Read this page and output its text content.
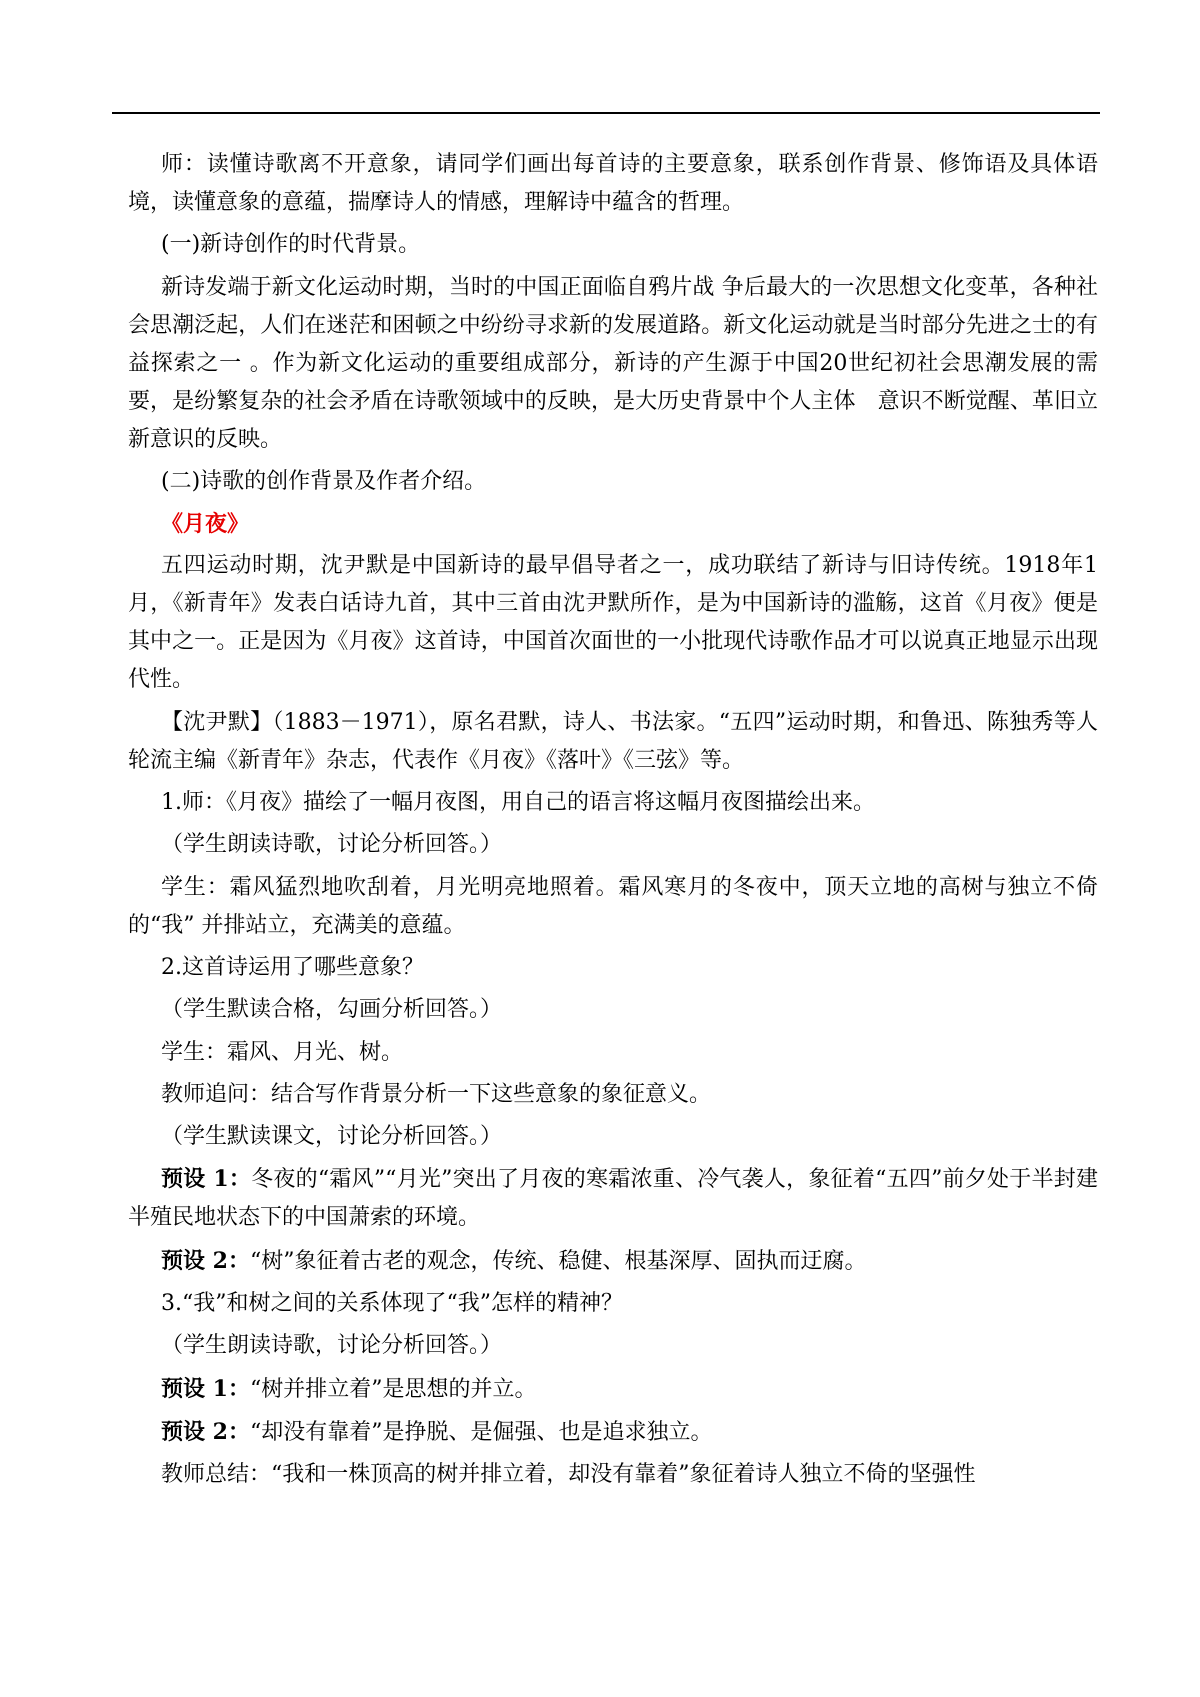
师：读懂诗歌离不开意象，请同学们画出每首诗的主要意象，联系创作背景、修饰语及具体语境，读懂意象的意蕴，揣摩诗人的情感，理解诗中蕴含的哲理。

(一)新诗创作的时代背景。

新诗发端于新文化运动时期，当时的中国正面临自鸦片战 争后最大的一次思想文化变革，各种社会思潮泛起，人们在迷茫和困顿之中纷纷寻求新的发展道路。新文化运动就是当时部分先进之士的有益探索之一 。作为新文化运动的重要组成部分，新诗的产生源于中国20世纪初社会思潮发展的需要，是纷繁复杂的社会矛盾在诗歌领域中的反映，是大历史背景中个人主体　意识不断觉醒、革旧立新意识的反映。

(二)诗歌的创作背景及作者介绍。

《月夜》

五四运动时期，沈尹默是中国新诗的最早倡导者之一，成功联结了新诗与旧诗传统。1918年1月，《新青年》发表白话诗九首，其中三首由沈尹默所作，是为中国新诗的滥觞，这首《月夜》便是其中之一。正是因为《月夜》这首诗，中国首次面世的一小批现代诗歌作品才可以说真正地显示出现代性。

【沈尹默】（1883－1971），原名君默，诗人、书法家。“五四”运动时期，和鲁迅、陈独秀等人轮流主编《新青年》杂志，代表作《月夜》《落叶》《三弦》等。

1.师：《月夜》描绘了一幅月夜图，用自己的语言将这幅月夜图描绘出来。

（学生朗读诗歌，讨论分析回答。）

学生：霜风猛烈地吹刮着，月光明亮地照着。霜风寒月的冬夜中，顶天立地的高树与独立不倚的“我” 并排站立，充满美的意蕴。

2.这首诗运用了哪些意象？

（学生默读合格，勾画分析回答。）

学生：霜风、月光、树。

教师追问：结合写作背景分析一下这些意象的象征意义。

（学生默读课文，讨论分析回答。）

预设 1：冬夜的“霜风”“月光”突出了月夜的寒霜浓重、冷气袭人，象征着“五四”前夕处于半封建半殖民地状态下的中国萧索的环境。

预设 2：“树”象征着古老的观念，传统、稳健、根基深厚、固执而迂腐。

3.“我”和树之间的关系体现了“我”怎样的精神？

（学生朗读诗歌，讨论分析回答。）

预设 1：“树并排立着”是思想的并立。

预设 2：“却没有靠着”是挣脱、是倔强、也是追求独立。

教师总结：“我和一株顶高的树并排立着，却没有靠着”象征着诗人独立不倚的坚强性
